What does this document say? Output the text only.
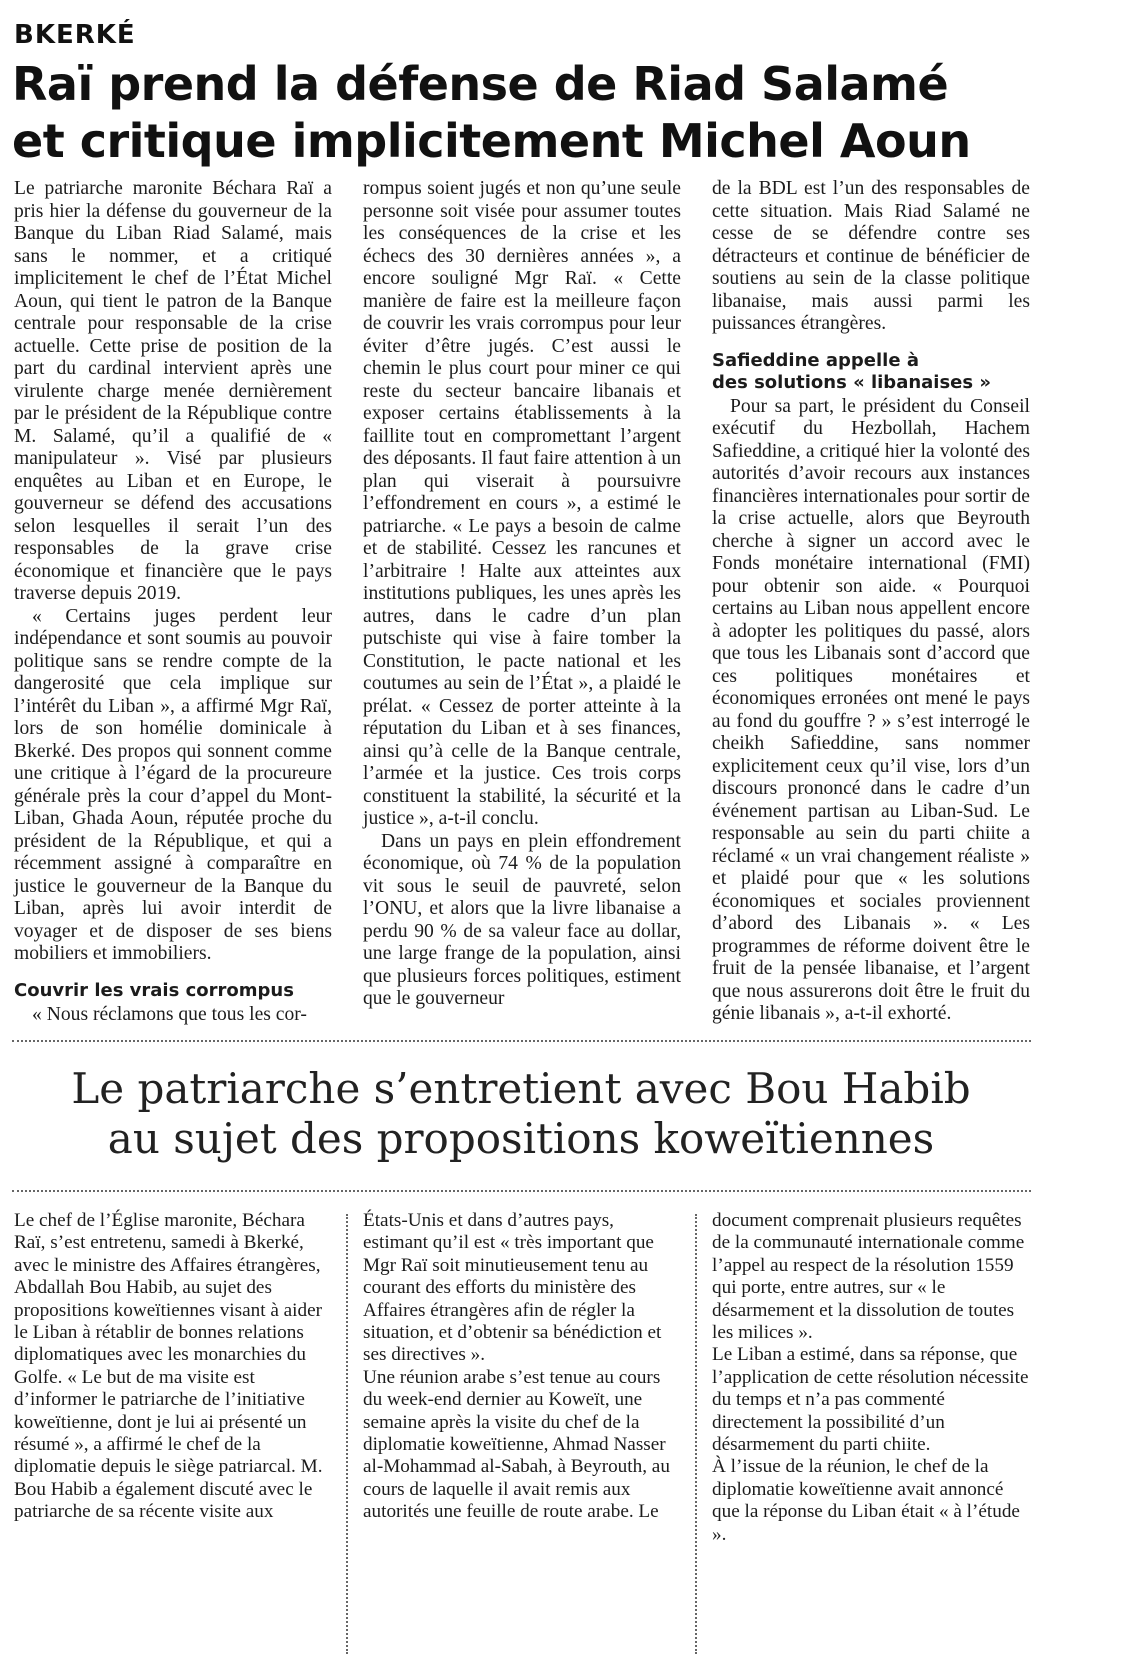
BKERKÉ
Raï prend la défense de Riad Salamé
et critique implicitement Michel Aoun

Le patriarche maronite Béchara Raï a pris hier la défense du gouverneur de la Banque du Liban Riad Salamé, mais sans le nommer, et a critiqué implicitement le chef de l’État Michel Aoun, qui tient le patron de la Banque centrale pour responsable de la crise actuelle. Cette prise de position de la part du cardinal intervient après une virulente charge menée dernièrement par le président de la République contre M. Salamé, qu’il a qualifié de « manipulateur ». Visé par plusieurs enquêtes au Liban et en Europe, le gouverneur se défend des accusations selon lesquelles il serait l’un des responsables de la grave crise économique et financière que le pays traverse depuis 2019.

« Certains juges perdent leur indépendance et sont soumis au pouvoir politique sans se rendre compte de la dangerosité que cela implique sur l’intérêt du Liban », a affirmé Mgr Raï, lors de son homélie dominicale à Bkerké. Des propos qui sonnent comme une critique à l’égard de la procureure générale près la cour d’appel du Mont-Liban, Ghada Aoun, réputée proche du président de la République, et qui a récemment assigné à comparaître en justice le gouverneur de la Banque du Liban, après lui avoir interdit de voyager et de disposer de ses biens mobiliers et immobiliers.

Couvrir les vrais corrompus

« Nous réclamons que tous les cor-

rompus soient jugés et non qu’une seule personne soit visée pour assumer toutes les conséquences de la crise et les échecs des 30 dernières années », a encore souligné Mgr Raï. « Cette manière de faire est la meilleure façon de couvrir les vrais corrompus pour leur éviter d’être jugés. C’est aussi le chemin le plus court pour miner ce qui reste du secteur bancaire libanais et exposer certains établissements à la faillite tout en compromettant l’argent des déposants. Il faut faire attention à un plan qui viserait à poursuivre l’effondrement en cours », a estimé le patriarche. « Le pays a besoin de calme et de stabilité. Cessez les rancunes et l’arbitraire ! Halte aux atteintes aux institutions publiques, les unes après les autres, dans le cadre d’un plan putschiste qui vise à faire tomber la Constitution, le pacte national et les coutumes au sein de l’État », a plaidé le prélat. « Cessez de porter atteinte à la réputation du Liban et à ses finances, ainsi qu’à celle de la Banque centrale, l’armée et la justice. Ces trois corps constituent la stabilité, la sécurité et la justice », a-t-il conclu.

Dans un pays en plein effondrement économique, où 74 % de la population vit sous le seuil de pauvreté, selon l’ONU, et alors que la livre libanaise a perdu 90 % de sa valeur face au dollar, une large frange de la population, ainsi que plusieurs forces politiques, estiment que le gouverneur

de la BDL est l’un des responsables de cette situation. Mais Riad Salamé ne cesse de se défendre contre ses détracteurs et continue de bénéficier de soutiens au sein de la classe politique libanaise, mais aussi parmi les puissances étrangères.

Safieddine appelle à
des solutions « libanaises »

Pour sa part, le président du Conseil exécutif du Hezbollah, Hachem Safieddine, a critiqué hier la volonté des autorités d’avoir recours aux instances financières internationales pour sortir de la crise actuelle, alors que Beyrouth cherche à signer un accord avec le Fonds monétaire international (FMI) pour obtenir son aide. « Pourquoi certains au Liban nous appellent encore à adopter les politiques du passé, alors que tous les Libanais sont d’accord que ces politiques monétaires et économiques erronées ont mené le pays au fond du gouffre ? » s’est interrogé le cheikh Safieddine, sans nommer explicitement ceux qu’il vise, lors d’un discours prononcé dans le cadre d’un événement partisan au Liban-Sud. Le responsable au sein du parti chiite a réclamé « un vrai changement réaliste » et plaidé pour que « les solutions économiques et sociales proviennent d’abord des Libanais ». « Les programmes de réforme doivent être le fruit de la pensée libanaise, et l’argent que nous assurerons doit être le fruit du génie libanais », a-t-il exhorté.

Le patriarche s’entretient avec Bou Habib
au sujet des propositions koweïtiennes

Le chef de l’Église maronite, Béchara Raï, s’est entretenu, samedi à Bkerké, avec le ministre des Affaires étrangères, Abdallah Bou Habib, au sujet des propositions koweïtiennes visant à aider le Liban à rétablir de bonnes relations diplomatiques avec les monarchies du Golfe. « Le but de ma visite est d’informer le patriarche de l’initiative koweïtienne, dont je lui ai présenté un résumé », a affirmé le chef de la diplomatie depuis le siège patriarcal. M. Bou Habib a également discuté avec le patriarche de sa récente visite aux

États-Unis et dans d’autres pays, estimant qu’il est « très important que Mgr Raï soit minutieusement tenu au courant des efforts du ministère des Affaires étrangères afin de régler la situation, et d’obtenir sa bénédiction et ses directives ».

Une réunion arabe s’est tenue au cours du week-end dernier au Koweït, une semaine après la visite du chef de la diplomatie koweïtienne, Ahmad Nasser al-Mohammad al-Sabah, à Beyrouth, au cours de laquelle il avait remis aux autorités une feuille de route arabe. Le

document comprenait plusieurs requêtes de la communauté internationale comme l’appel au respect de la résolution 1559 qui porte, entre autres, sur « le désarmement et la dissolution de toutes les milices ».

Le Liban a estimé, dans sa réponse, que l’application de cette résolution nécessite du temps et n’a pas commenté directement la possibilité d’un désarmement du parti chiite.

À l’issue de la réunion, le chef de la diplomatie koweïtienne avait annoncé que la réponse du Liban était « à l’étude ».
